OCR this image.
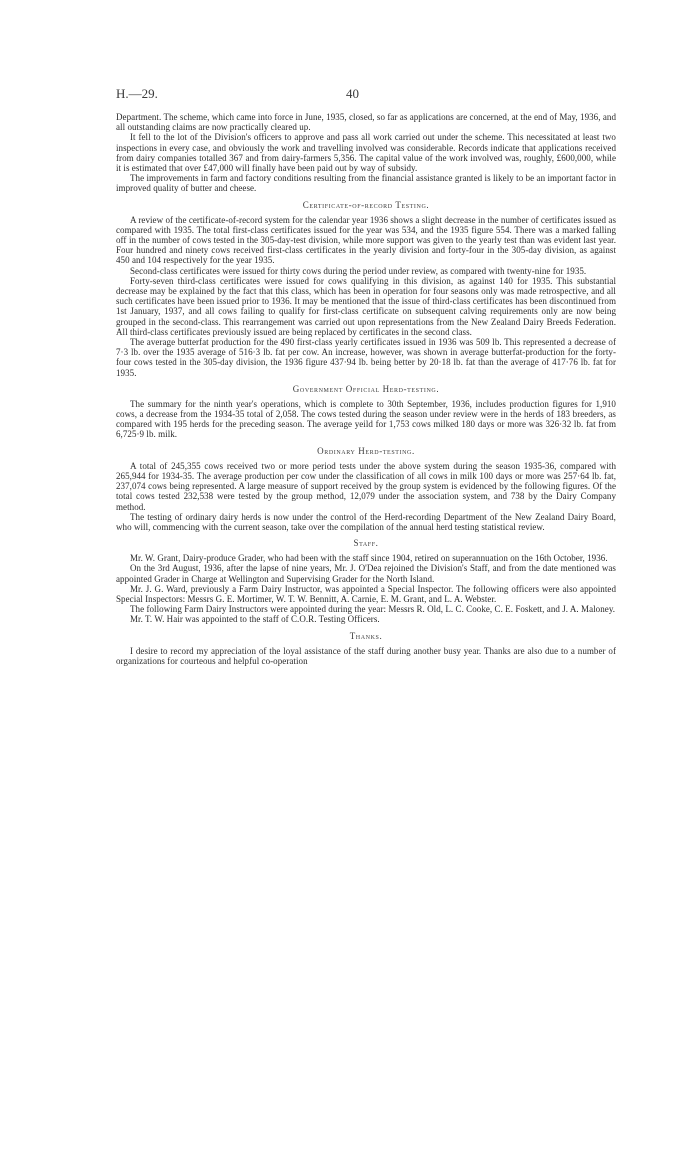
H.—29.	40

Department. The scheme, which came into force in June, 1935, closed, so far as applications are concerned, at the end of May, 1936, and all outstanding claims are now practically cleared up.

It fell to the lot of the Division's officers to approve and pass all work carried out under the scheme. This necessitated at least two inspections in every case, and obviously the work and travelling involved was considerable. Records indicate that applications received from dairy companies totalled 367 and from dairy-farmers 5,356. The capital value of the work involved was, roughly, £600,000, while it is estimated that over £47,000 will finally have been paid out by way of subsidy.

The improvements in farm and factory conditions resulting from the financial assistance granted is likely to be an important factor in improved quality of butter and cheese.

Certificate-of-record Testing.

A review of the certificate-of-record system for the calendar year 1936 shows a slight decrease in the number of certificates issued as compared with 1935. The total first-class certificates issued for the year was 534, and the 1935 figure 554. There was a marked falling off in the number of cows tested in the 305-day-test division, while more support was given to the yearly test than was evident last year. Four hundred and ninety cows received first-class certificates in the yearly division and forty-four in the 305-day division, as against 450 and 104 respectively for the year 1935.

Second-class certificates were issued for thirty cows during the period under review, as compared with twenty-nine for 1935.

Forty-seven third-class certificates were issued for cows qualifying in this division, as against 140 for 1935. This substantial decrease may be explained by the fact that this class, which has been in operation for four seasons only was made retrospective, and all such certificates have been issued prior to 1936. It may be mentioned that the issue of third-class certificates has been discontinued from 1st January, 1937, and all cows failing to qualify for first-class certificate on subsequent calving requirements only are now being grouped in the second-class. This rearrangement was carried out upon representations from the New Zealand Dairy Breeds Federation. All third-class certificates previously issued are being replaced by certificates in the second class.

The average butterfat production for the 490 first-class yearly certificates issued in 1936 was 509 lb. This represented a decrease of 7·3 lb. over the 1935 average of 516·3 lb. fat per cow. An increase, however, was shown in average butterfat-production for the forty-four cows tested in the 305-day division, the 1936 figure 437·94 lb. being better by 20·18 lb. fat than the average of 417·76 lb. fat for 1935.

Government Official Herd-testing.

The summary for the ninth year's operations, which is complete to 30th September, 1936, includes production figures for 1,910 cows, a decrease from the 1934-35 total of 2,058. The cows tested during the season under review were in the herds of 183 breeders, as compared with 195 herds for the preceding season. The average yeild for 1,753 cows milked 180 days or more was 326·32 lb. fat from 6,725·9 lb. milk.

Ordinary Herd-testing.

A total of 245,355 cows received two or more period tests under the above system during the season 1935-36, compared with 265,944 for 1934-35. The average production per cow under the classification of all cows in milk 100 days or more was 257·64 lb. fat, 237,074 cows being represented. A large measure of support received by the group system is evidenced by the following figures. Of the total cows tested 232,538 were tested by the group method, 12,079 under the association system, and 738 by the Dairy Company method.

The testing of ordinary dairy herds is now under the control of the Herd-recording Department of the New Zealand Dairy Board, who will, commencing with the current season, take over the compilation of the annual herd testing statistical review.

Staff.

Mr. W. Grant, Dairy-produce Grader, who had been with the staff since 1904, retired on superannuation on the 16th October, 1936.

On the 3rd August, 1936, after the lapse of nine years, Mr. J. O'Dea rejoined the Division's Staff, and from the date mentioned was appointed Grader in Charge at Wellington and Supervising Grader for the North Island.

Mr. J. G. Ward, previously a Farm Dairy Instructor, was appointed a Special Inspector. The following officers were also appointed Special Inspectors: Messrs G. E. Mortimer, W. T. W. Bennitt, A. Carnie, E. M. Grant, and L. A. Webster.

The following Farm Dairy Instructors were appointed during the year: Messrs R. Old, L. C. Cooke, C. E. Foskett, and J. A. Maloney.

Mr. T. W. Hair was appointed to the staff of C.O.R. Testing Officers.

Thanks.

I desire to record my appreciation of the loyal assistance of the staff during another busy year. Thanks are also due to a number of organizations for courteous and helpful co-operation
